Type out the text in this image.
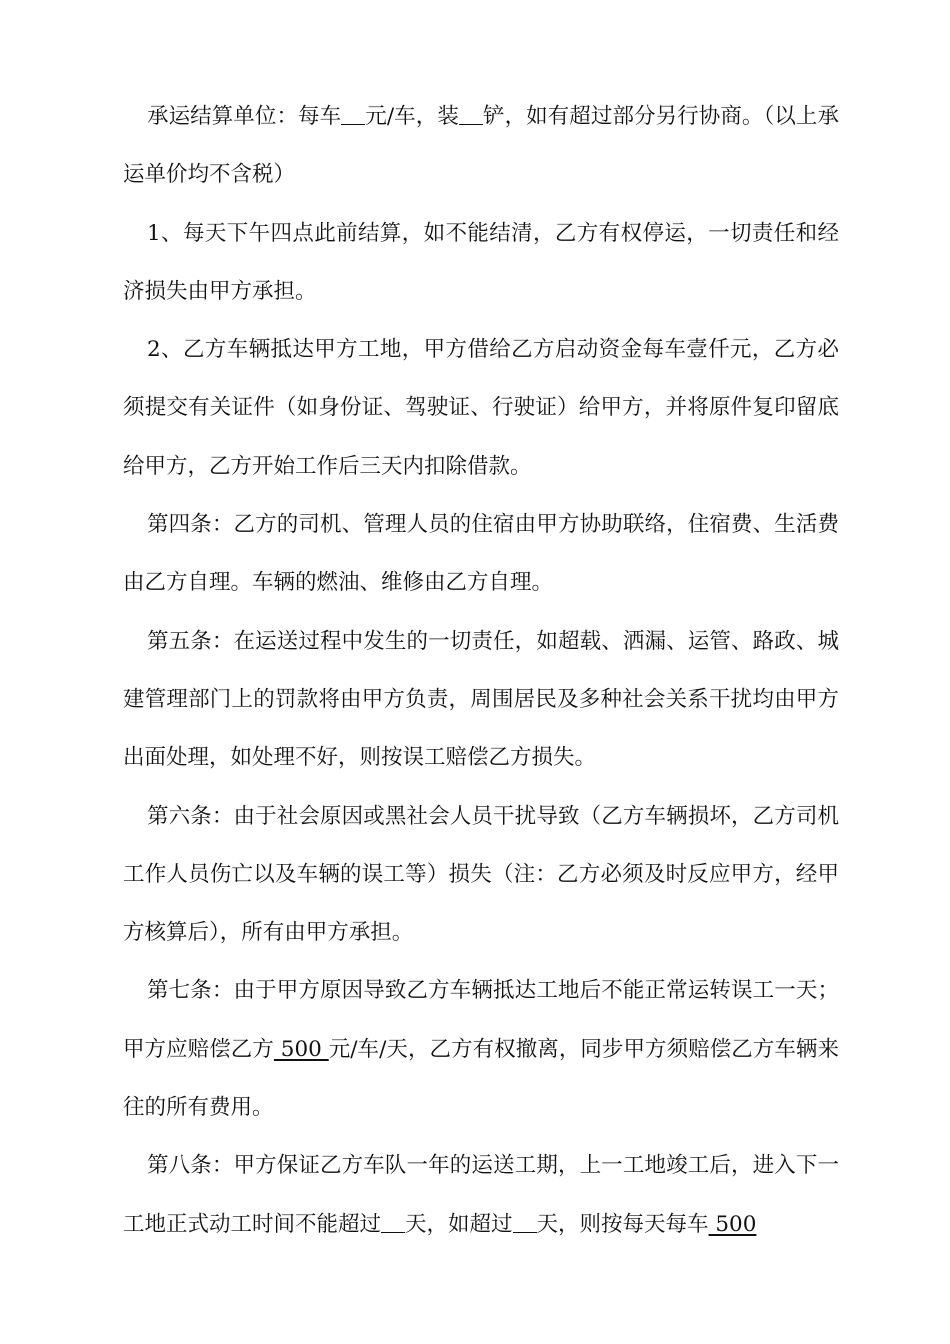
承运结算单位：每车 元/车，装 铲，如有超过部分另行协商。（以上承运单价均不含税）

1、每天下午四点此前结算，如不能结清，乙方有权停运，一切责任和经济损失由甲方承担。

2、乙方车辆抵达甲方工地，甲方借给乙方启动资金每车壹仟元，乙方必须提交有关证件（如身份证、驾驶证、行驶证）给甲方，并将原件复印留底给甲方，乙方开始工作后三天内扣除借款。

第四条：乙方的司机、管理人员的住宿由甲方协助联络，住宿费、生活费由乙方自理。车辆的燃油、维修由乙方自理。

第五条：在运送过程中发生的一切责任，如超载、洒漏、运管、路政、城建管理部门上的罚款将由甲方负责，周围居民及多种社会关系干扰均由甲方出面处理，如处理不好，则按误工赔偿乙方损失。

第六条：由于社会原因或黑社会人员干扰导致（乙方车辆损坏，乙方司机工作人员伤亡以及车辆的误工等）损失（注：乙方必须及时反应甲方，经甲方核算后），所有由甲方承担。

第七条：由于甲方原因导致乙方车辆抵达工地后不能正常运转误工一天；甲方应赔偿乙方 500 元/车/天，乙方有权撤离，同步甲方须赔偿乙方车辆来往的所有费用。

第八条：甲方保证乙方车队一年的运送工期，上一工地竣工后，进入下一工地正式动工时间不能超过 天，如超过 天，则按每天每车 500
